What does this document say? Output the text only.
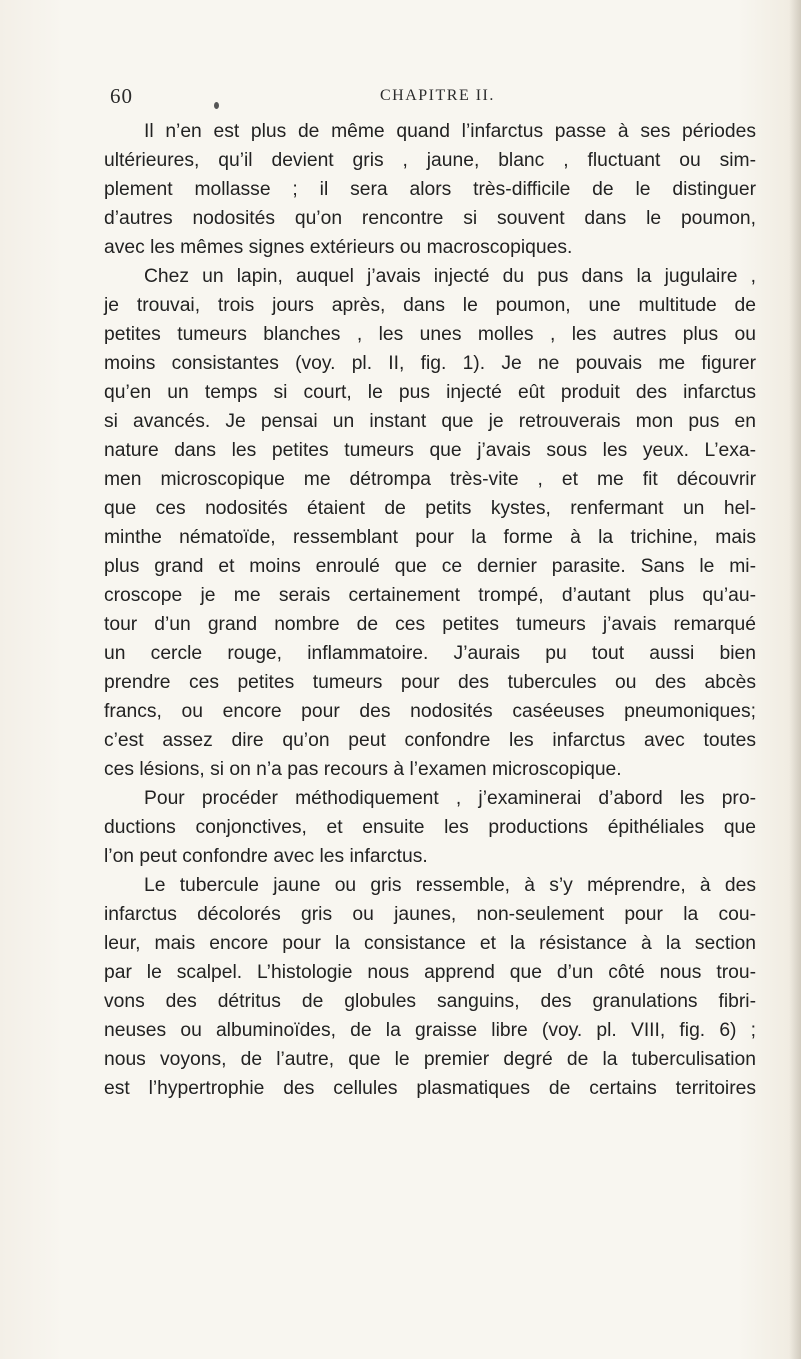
60	CHAPITRE II.
Il n’en est plus de même quand l’infarctus passe à ses périodes
ultérieures, qu’il devient gris , jaune, blanc , fluctuant ou sim-
plement mollasse ; il sera alors très-difficile de le distinguer
d’autres nodosités qu’on rencontre si souvent dans le poumon,
avec les mêmes signes extérieurs ou macroscopiques.
Chez un lapin, auquel j’avais injecté du pus dans la jugulaire ,
je trouvai, trois jours après, dans le poumon, une multitude de
petites tumeurs blanches , les unes molles , les autres plus ou
moins consistantes (voy. pl. II, fig. 1). Je ne pouvais me figurer
qu’en un temps si court, le pus injecté eût produit des infarctus
si avancés. Je pensai un instant que je retrouverais mon pus en
nature dans les petites tumeurs que j’avais sous les yeux. L’exa-
men microscopique me détrompa très-vite , et me fit découvrir
que ces nodosités étaient de petits kystes, renfermant un hel-
minthe nématoïde, ressemblant pour la forme à la trichine, mais
plus grand et moins enroulé que ce dernier parasite. Sans le mi-
croscope je me serais certainement trompé, d’autant plus qu’au-
tour d’un grand nombre de ces petites tumeurs j’avais remarqué
un cercle rouge, inflammatoire. J’aurais pu tout aussi bien
prendre ces petites tumeurs pour des tubercules ou des abcès
francs, ou encore pour des nodosités caséeuses pneumoniques;
c’est assez dire qu’on peut confondre les infarctus avec toutes
ces lésions, si on n’a pas recours à l’examen microscopique.
Pour procéder méthodiquement , j’examinerai d’abord les pro-
ductions conjonctives, et ensuite les productions épithéliales que
l’on peut confondre avec les infarctus.
Le tubercule jaune ou gris ressemble, à s’y méprendre, à des
infarctus décolorés gris ou jaunes, non-seulement pour la cou-
leur, mais encore pour la consistance et la résistance à la section
par le scalpel. L’histologie nous apprend que d’un côté nous trou-
vons des détritus de globules sanguins, des granulations fibri-
neuses ou albuminoïdes, de la graisse libre (voy. pl. VIII, fig. 6) ;
nous voyons, de l’autre, que le premier degré de la tuberculisation
est l’hypertrophie des cellules plasmatiques de certains territoires
